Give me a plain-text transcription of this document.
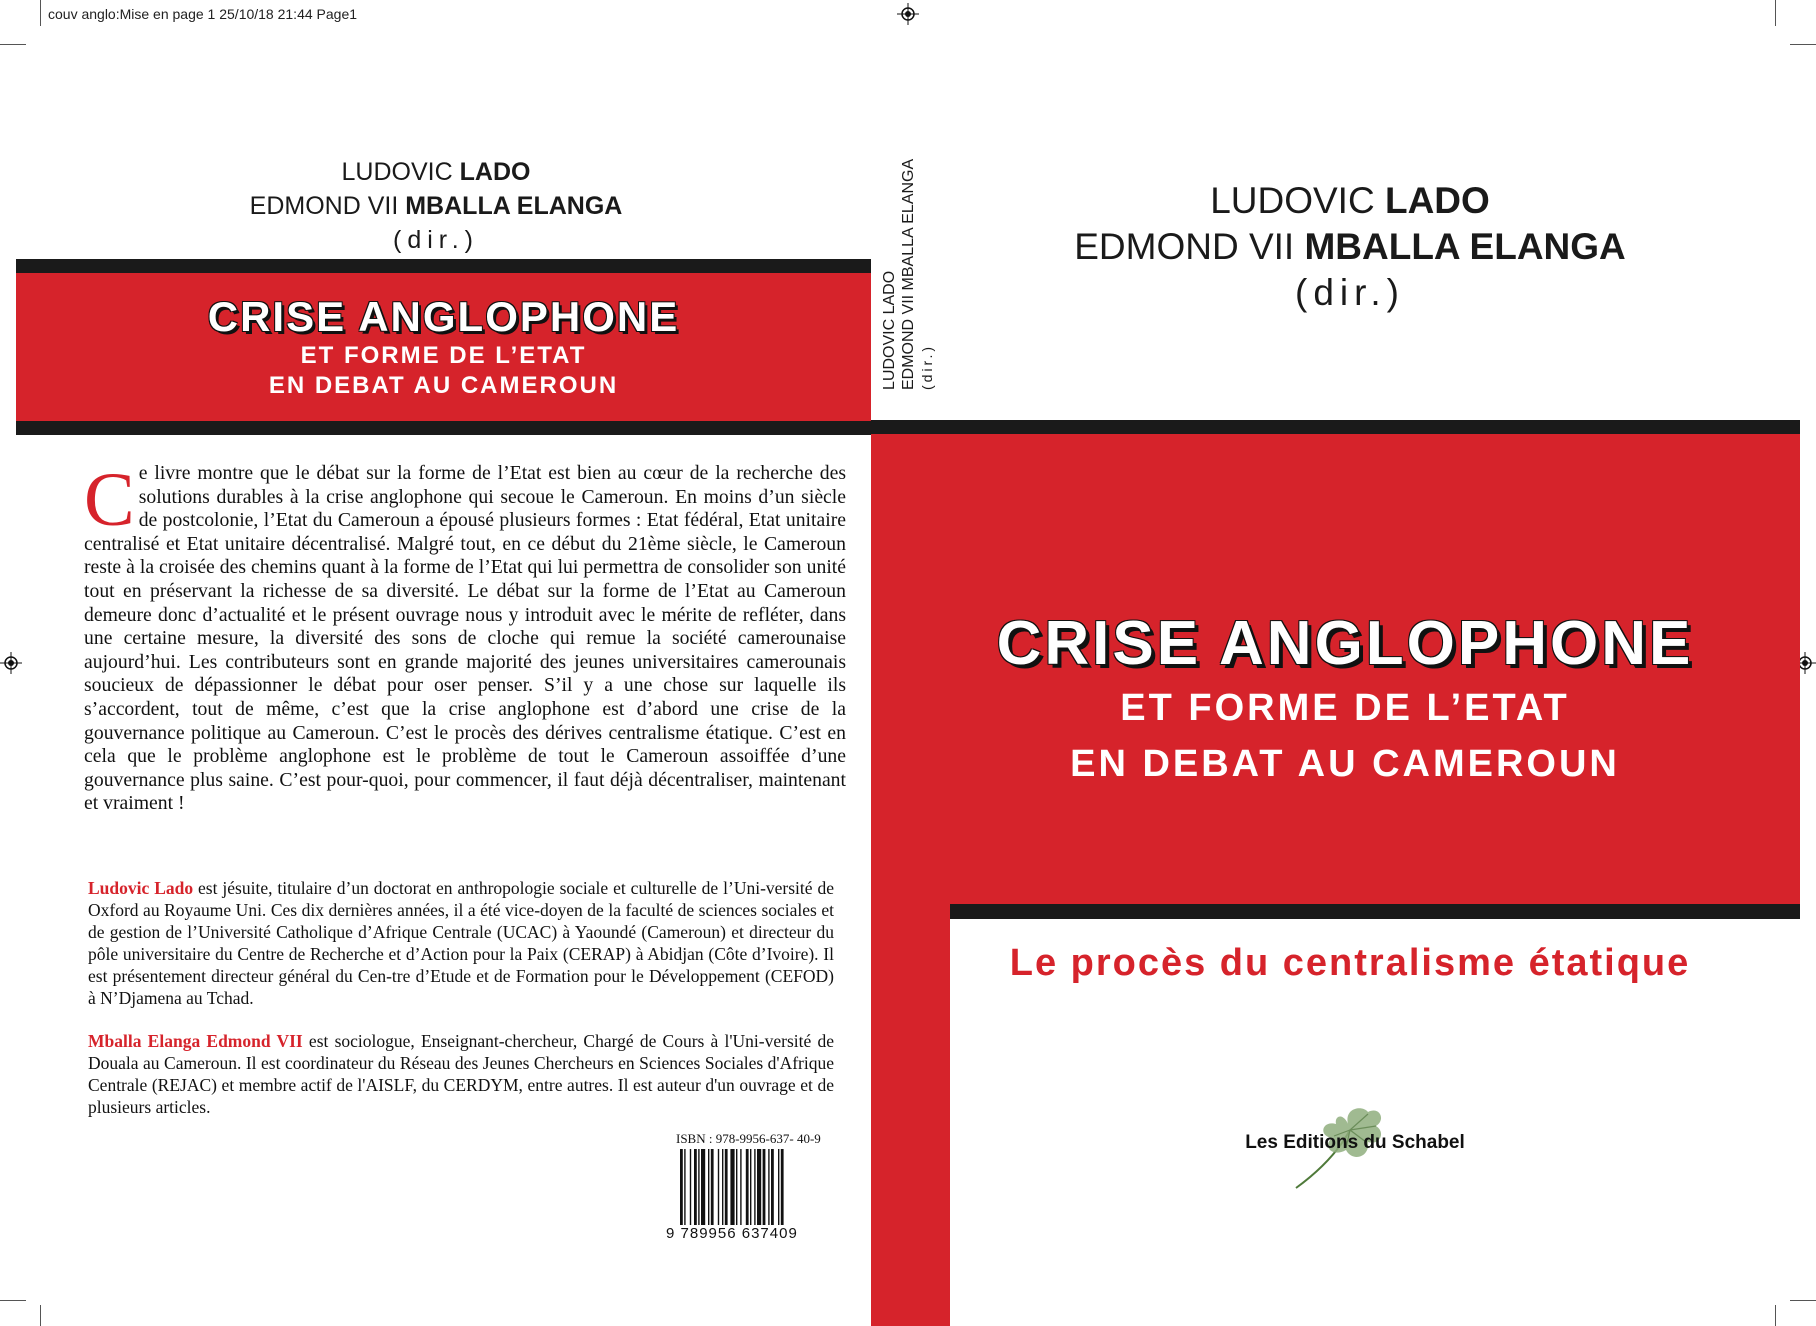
couv anglo:Mise en page 1 25/10/18 21:44 Page1
LUDOVIC LADO
EDMOND VII MBALLA ELANGA
(dir.)
CRISE ANGLOPHONE
ET FORME DE L’ETAT
EN DEBAT AU CAMEROUN
Ce livre montre que le débat sur la forme de l’Etat est bien au cœur de la recherche des solutions durables à la crise anglophone qui secoue le Cameroun. En moins d’un siècle de postcolonie, l’Etat du Cameroun a épousé plusieurs formes : Etat fédéral, Etat unitaire centralisé et Etat unitaire décentralisé. Malgré tout, en ce début du 21ème siècle, le Cameroun reste à la croisée des chemins quant à la forme de l’Etat qui lui permettra de consolider son unité tout en préservant la richesse de sa diversité. Le débat sur la forme de l’Etat au Cameroun demeure donc d’actualité et le présent ouvrage nous y introduit avec le mérite de refléter, dans une certaine mesure, la diversité des sons de cloche qui remue la société camerounaise aujourd’hui. Les contributeurs sont en grande majorité des jeunes universitaires camerounais soucieux de dépassionner le débat pour oser penser. S’il y a une chose sur laquelle ils s’accordent, tout de même, c’est que la crise anglophone est d’abord une crise de la gouvernance politique au Cameroun. C’est le procès des dérives centralisme étatique. C’est en cela que le problème anglophone est le problème de tout le Cameroun assoiffée d’une gouvernance plus saine. C’est pour-quoi, pour commencer, il faut déjà décentraliser, maintenant et vraiment !
Ludovic Lado est jésuite, titulaire d’un doctorat en anthropologie sociale et culturelle de l’Uni-versité de Oxford au Royaume Uni. Ces dix dernières années, il a été vice-doyen de la faculté de sciences sociales et de gestion de l’Université Catholique d’Afrique Centrale (UCAC) à Yaoundé (Cameroun) et directeur du pôle universitaire du Centre de Recherche et d’Action pour la Paix (CERAP) à Abidjan (Côte d’Ivoire). Il est présentement directeur général du Cen-tre d’Etude et de Formation pour le Développement (CEFOD) à N’Djamena au Tchad.
Mballa Elanga Edmond VII est sociologue, Enseignant-chercheur, Chargé de Cours à l'Uni-versité de Douala au Cameroun. Il est coordinateur du Réseau des Jeunes Chercheurs en Sciences Sociales d'Afrique Centrale (REJAC) et membre actif de l'AISLF, du CERDYM, entre autres. Il est auteur d'un ouvrage et de plusieurs articles.
ISBN : 978-9956-637- 40-9
9 789956 637409
LUDOVIC LADO EDMOND VII MBALLA ELANGA (dir.)
LUDOVIC LADO
EDMOND VII MBALLA ELANGA
(dir.)
CRISE ANGLOPHONE
ET FORME DE L’ETAT
EN DEBAT AU CAMEROUN
Le procès du centralisme étatique
Les Editions du Schabel
